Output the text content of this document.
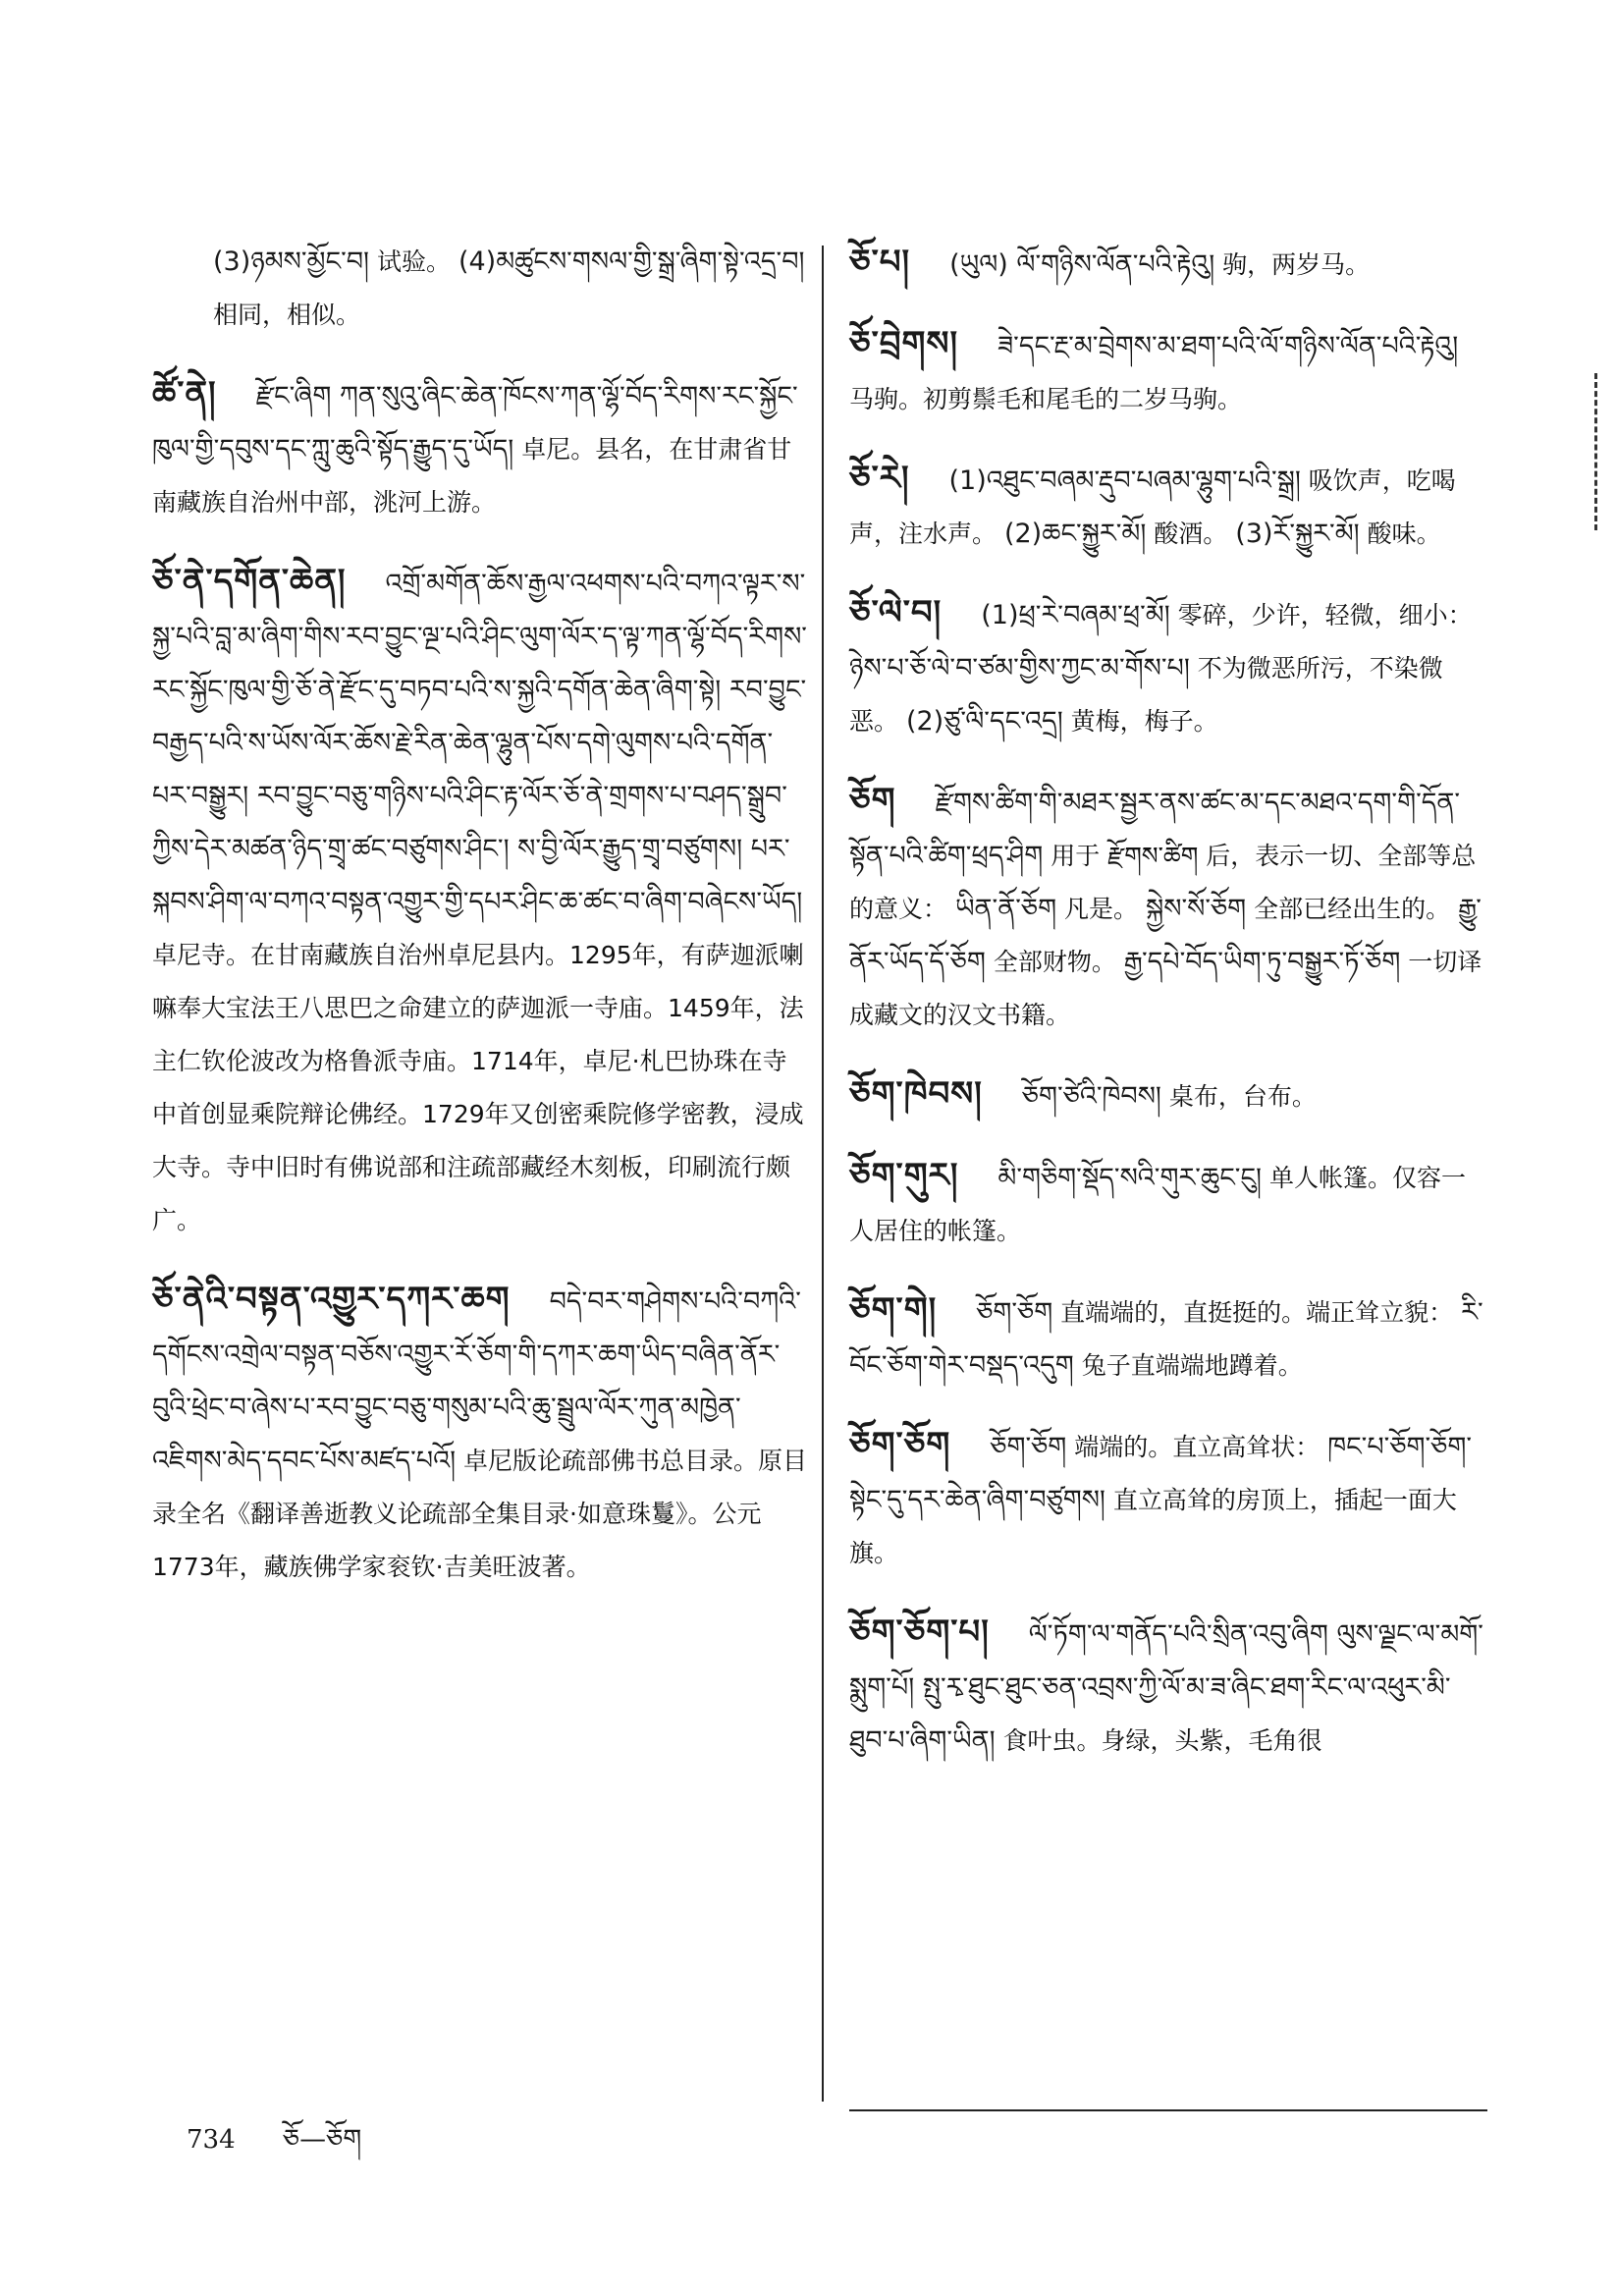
(3)ཉམས་མྱོང་བ། 试验。 (4)མཚུངས་གསལ་གྱི་སྒྲ་ཞིག་སྟེ་འདྲ་བ། 相同，相似。
ཚོ་ནེ། རྫོང་ཞིག ཀན་སུའུ་ཞིང་ཆེན་ཁོངས་ཀན་ལྷོ་བོད་རིགས་རང་སྐྱོང་ཁུལ་གྱི་དབུས་དང་ཀླུ་ཆུའི་སྟོད་རྒྱུད་དུ་ཡོད། 卓尼。县名，在甘肃省甘南藏族自治州中部，洮河上游。
ཅོ་ནེ་དགོན་ཆེན། འགྲོ་མགོན་ཆོས་རྒྱལ་འཕགས་པའི་བཀའ་ལྟར་ས་སྐྱ་པའི་བླ་མ་ཞིག་གིས་རབ་བྱུང་ལྔ་པའི་ཤིང་ལུག་ལོར་ད་ལྟ་ཀན་ལྷོ་བོད་རིགས་རང་སྐྱོང་ཁུལ་གྱི་ཅོ་ནེ་རྫོང་དུ་བཏབ་པའི་ས་སྐྱའི་དགོན་ཆེན་ཞིག་སྟེ། རབ་བྱུང་བརྒྱད་པའི་ས་ཡོས་ལོར་ཆོས་རྗེ་རིན་ཆེན་ལྷུན་པོས་དགེ་ལུགས་པའི་དགོན་པར་བསྒྱུར། རབ་བྱུང་བཅུ་གཉིས་པའི་ཤིང་རྟ་ལོར་ཅོ་ནེ་གྲགས་པ་བཤད་སྒྲུབ་ཀྱིས་དེར་མཚན་ཉིད་གྲྭ་ཚང་བཙུགས་ཤིང་། ས་བྱི་ལོར་རྒྱུད་གྲྭ་བཙུགས། པར་སྐབས་ཤིག་ལ་བཀའ་བསྟན་འགྱུར་གྱི་དཔར་ཤིང་ཆ་ཚང་བ་ཞིག་བཞེངས་ཡོད། 卓尼寺。在甘南藏族自治州卓尼县内。1295年，有萨迦派喇嘛奉大宝法王八思巴之命建立的萨迦派一寺庙。1459年，法主仁钦伦波改为格鲁派寺庙。1714年，卓尼·札巴协珠在寺中首创显乘院辩论佛经。1729年又创密乘院修学密教，浸成大寺。寺中旧时有佛说部和注疏部藏经木刻板，印刷流行颇广。
ཅོ་ནེའི་བསྟན་འགྱུར་དཀར་ཆག བདེ་བར་གཤེགས་པའི་བཀའི་དགོངས་འགྲེལ་བསྟན་བཅོས་འགྱུར་རོ་ཅོག་གི་དཀར་ཆག་ཡིད་བཞིན་ནོར་བུའི་ཕྲེང་བ་ཞེས་པ་རབ་བྱུང་བཅུ་གསུམ་པའི་ཆུ་སྦྲུལ་ལོར་ཀུན་མཁྱེན་འཇིགས་མེད་དབང་པོས་མཛད་པའོ། 卓尼版论疏部佛书总目录。原目录全名《翻译善逝教义论疏部全集目录·如意珠鬘》。公元1773年，藏族佛学家衮钦·吉美旺波著。
ཅོ་པ། (ཡུལ) ལོ་གཉིས་ལོན་པའི་རྟེའུ། 驹，两岁马。
ཅོ་བྲེགས། ཟེ་དང་རྔ་མ་བྲེགས་མ་ཐག་པའི་ལོ་གཉིས་ལོན་པའི་རྟེའུ། 马驹。初剪鬃毛和尾毛的二岁马驹。
ཅོ་རེ། (1)འཐུང་བཞམ་རྡུབ་པཞམ་ལྷུག་པའི་སྒྲ། 吸饮声，吃喝声，注水声。 (2)ཆང་སྐྱུར་མོ། 酸酒。 (3)རོ་སྐྱུར་མོ། 酸味。
ཅོ་ལེ་བ། (1)ཕྲ་རེ་བཞམ་ཕྲ་མོ། 零碎，少许，轻微，细小： ཉེས་པ་ཅོ་ལེ་བ་ཙམ་གྱིས་ཀྱང་མ་གོས་པ། 不为微恶所污，不染微恶。 (2)ཙུ་ལི་དང་འདྲ། 黄梅，梅子。
ཅོག རྫོགས་ཚིག་གི་མཐར་སྦྱར་ནས་ཚང་མ་དང་མཐའ་དག་གི་དོན་སྟོན་པའི་ཚིག་ཕྲད་ཤིག 用于 རྫོགས་ཚིག 后，表示一切、全部等总的意义： ཡིན་ནོ་ཅོག 凡是。 སྐྱེས་སོ་ཅོག 全部已经出生的。 རྒྱུ་ནོར་ཡོད་དོ་ཅོག 全部财物。 རྒྱ་དཔེ་བོད་ཡིག་ཏུ་བསྒྱུར་ཏོ་ཅོག 一切译成藏文的汉文书籍。
ཅོག་ཁེབས། ཅོག་ཙེའི་ཁེབས། 桌布，台布。
ཅོག་གུར། མི་གཅིག་སྡོད་སའི་གུར་ཆུང་ངུ། 单人帐篷。仅容一人居住的帐篷。
ཅོག་གེ། ཅོག་ཅོག 直端端的，直挺挺的。端正耸立貌： རི་བོང་ཅོག་གེར་བསྡད་འདུག 兔子直端端地蹲着。
ཅོག་ཅོག ཅོག་ཅོག 端端的。直立高耸状： ཁང་པ་ཅོག་ཅོག་སྟེང་དུ་དར་ཆེན་ཞིག་བཙུགས། 直立高耸的房顶上，插起一面大旗。
ཅོག་ཅོག་པ། ལོ་ཏོག་ལ་གནོད་པའི་སྲིན་འབུ་ཞིག ལུས་ལྗང་ལ་མགོ་སྨུག་པོ། སྤུ་རྭ་ཐུང་ཐུང་ཅན་འབྲས་ཀྱི་ལོ་མ་ཟ་ཞིང་ཐག་རིང་ལ་འཕུར་མི་ཐུབ་པ་ཞིག་ཡིན། 食叶虫。身绿，头紫，毛角很
734 ཅོ—ཅོག
